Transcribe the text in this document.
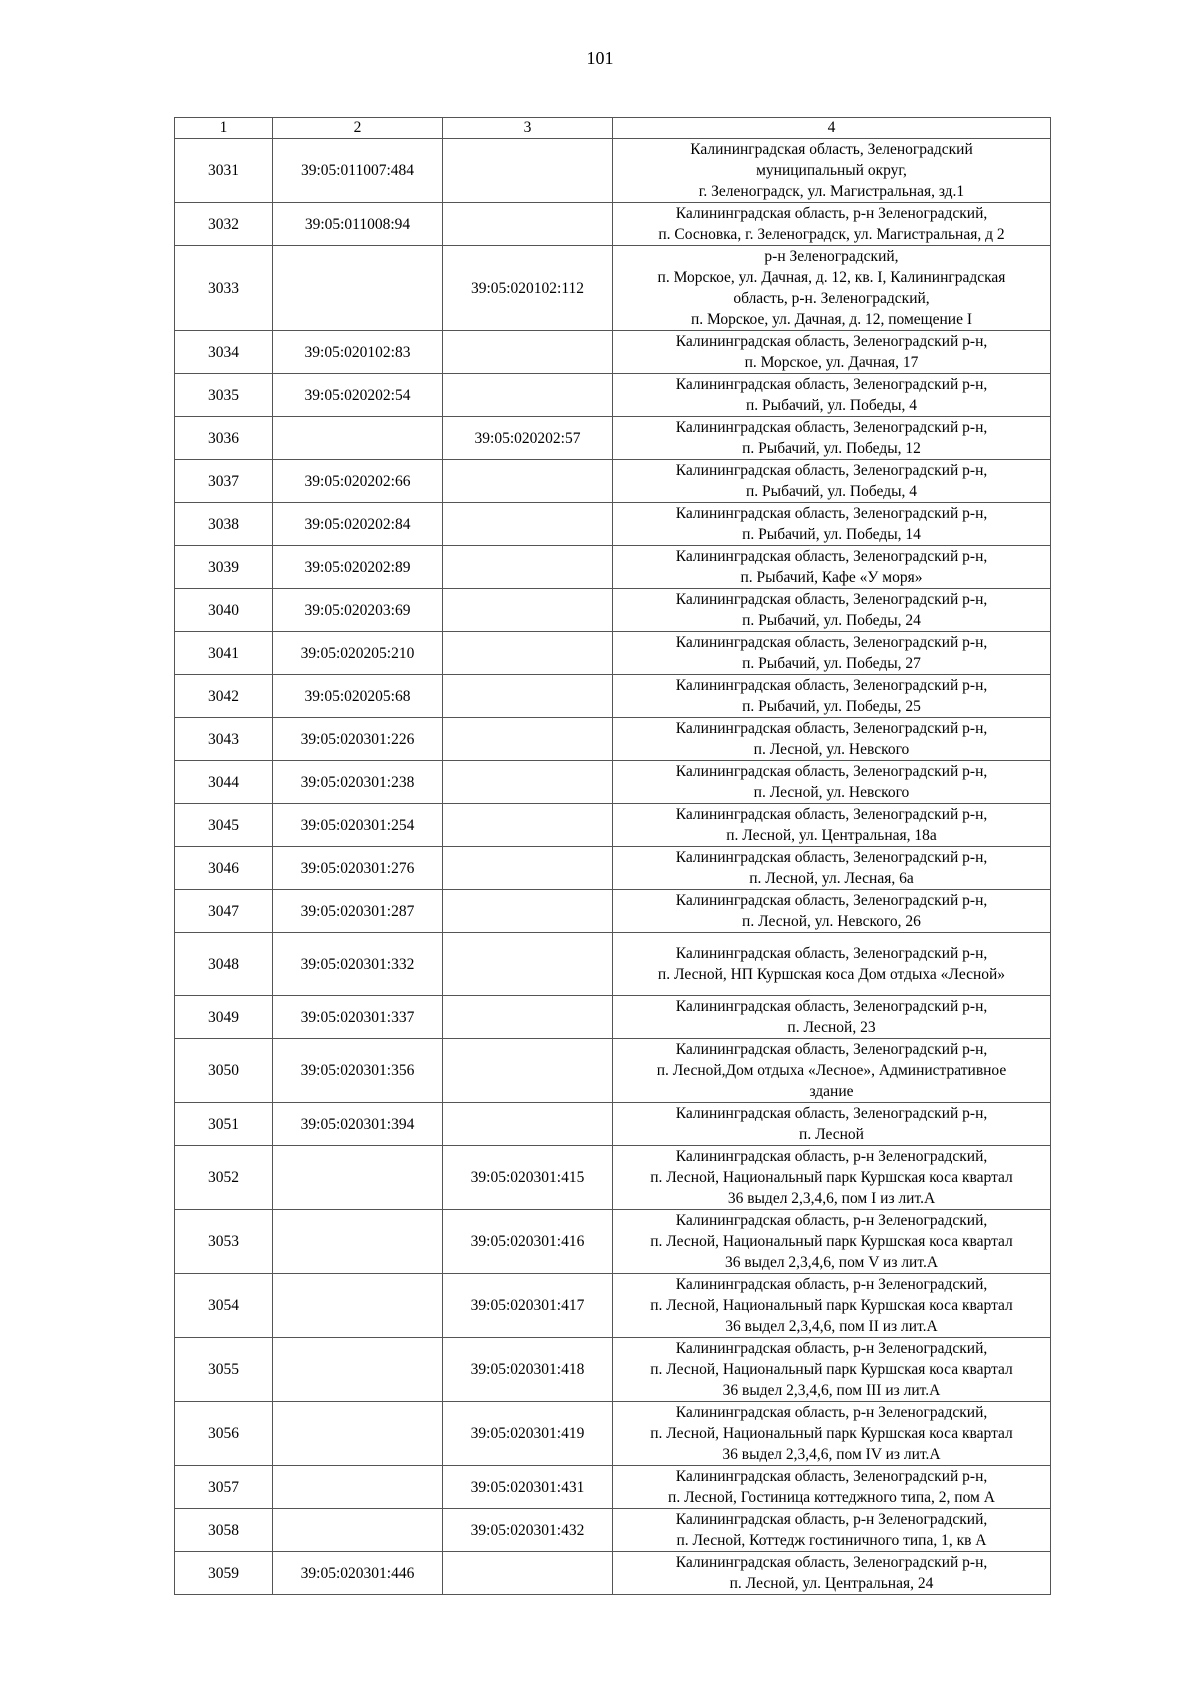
101
1	2	3	4
3031	39:05:011007:484		Калининградская область, Зеленоградский
муниципальный округ,
г. Зеленоградск, ул. Магистральная, зд.1
3032	39:05:011008:94		Калининградская область, р-н Зеленоградский,
п. Сосновка, г. Зеленоградск, ул. Магистральная, д 2
3033		39:05:020102:112	р-н Зеленоградский,
п. Морское, ул. Дачная, д. 12, кв. I, Калининградская
область, р-н. Зеленоградский,
п. Морское, ул. Дачная, д. 12, помещение I
3034	39:05:020102:83		Калининградская область, Зеленоградский р-н,
п. Морское, ул. Дачная, 17
3035	39:05:020202:54		Калининградская область, Зеленоградский р-н,
п. Рыбачий, ул. Победы, 4
3036		39:05:020202:57	Калининградская область, Зеленоградский р-н,
п. Рыбачий, ул. Победы, 12
3037	39:05:020202:66		Калининградская область, Зеленоградский р-н,
п. Рыбачий, ул. Победы, 4
3038	39:05:020202:84		Калининградская область, Зеленоградский р-н,
п. Рыбачий, ул. Победы, 14
3039	39:05:020202:89		Калининградская область, Зеленоградский р-н,
п. Рыбачий, Кафе «У моря»
3040	39:05:020203:69		Калининградская область, Зеленоградский р-н,
п. Рыбачий, ул. Победы, 24
3041	39:05:020205:210		Калининградская область, Зеленоградский р-н,
п. Рыбачий, ул. Победы, 27
3042	39:05:020205:68		Калининградская область, Зеленоградский р-н,
п. Рыбачий, ул. Победы, 25
3043	39:05:020301:226		Калининградская область, Зеленоградский р-н,
п. Лесной, ул. Невского
3044	39:05:020301:238		Калининградская область, Зеленоградский р-н,
п. Лесной, ул. Невского
3045	39:05:020301:254		Калининградская область, Зеленоградский р-н,
п. Лесной, ул. Центральная, 18а
3046	39:05:020301:276		Калининградская область, Зеленоградский р-н,
п. Лесной, ул. Лесная, 6а
3047	39:05:020301:287		Калининградская область, Зеленоградский р-н,
п. Лесной, ул. Невского, 26
3048	39:05:020301:332		Калининградская область, Зеленоградский р-н,
п. Лесной, НП Куршская коса Дом отдыха «Лесной»
3049	39:05:020301:337		Калининградская область, Зеленоградский р-н,
п. Лесной, 23
3050	39:05:020301:356		Калининградская область, Зеленоградский р-н,
п. Лесной,Дом отдыха «Лесное», Административное
здание
3051	39:05:020301:394		Калининградская область, Зеленоградский р-н,
п. Лесной
3052		39:05:020301:415	Калининградская область, р-н Зеленоградский,
п. Лесной, Национальный парк Куршская коса квартал
36 выдел 2,3,4,6, пом I из лит.А
3053		39:05:020301:416	Калининградская область, р-н Зеленоградский,
п. Лесной, Национальный парк Куршская коса квартал
36 выдел 2,3,4,6, пом V из лит.А
3054		39:05:020301:417	Калининградская область, р-н Зеленоградский,
п. Лесной, Национальный парк Куршская коса квартал
36 выдел 2,3,4,6, пом II из лит.А
3055		39:05:020301:418	Калининградская область, р-н Зеленоградский,
п. Лесной, Национальный парк Куршская коса квартал
36 выдел 2,3,4,6, пом III из лит.А
3056		39:05:020301:419	Калининградская область, р-н Зеленоградский,
п. Лесной, Национальный парк Куршская коса квартал
36 выдел 2,3,4,6, пом IV из лит.А
3057		39:05:020301:431	Калининградская область, Зеленоградский р-н,
п. Лесной, Гостиница коттеджного типа, 2, пом А
3058		39:05:020301:432	Калининградская область, р-н Зеленоградский,
п. Лесной, Коттедж гостиничного типа, 1, кв А
3059	39:05:020301:446		Калининградская область, Зеленоградский р-н,
п. Лесной, ул. Центральная, 24
